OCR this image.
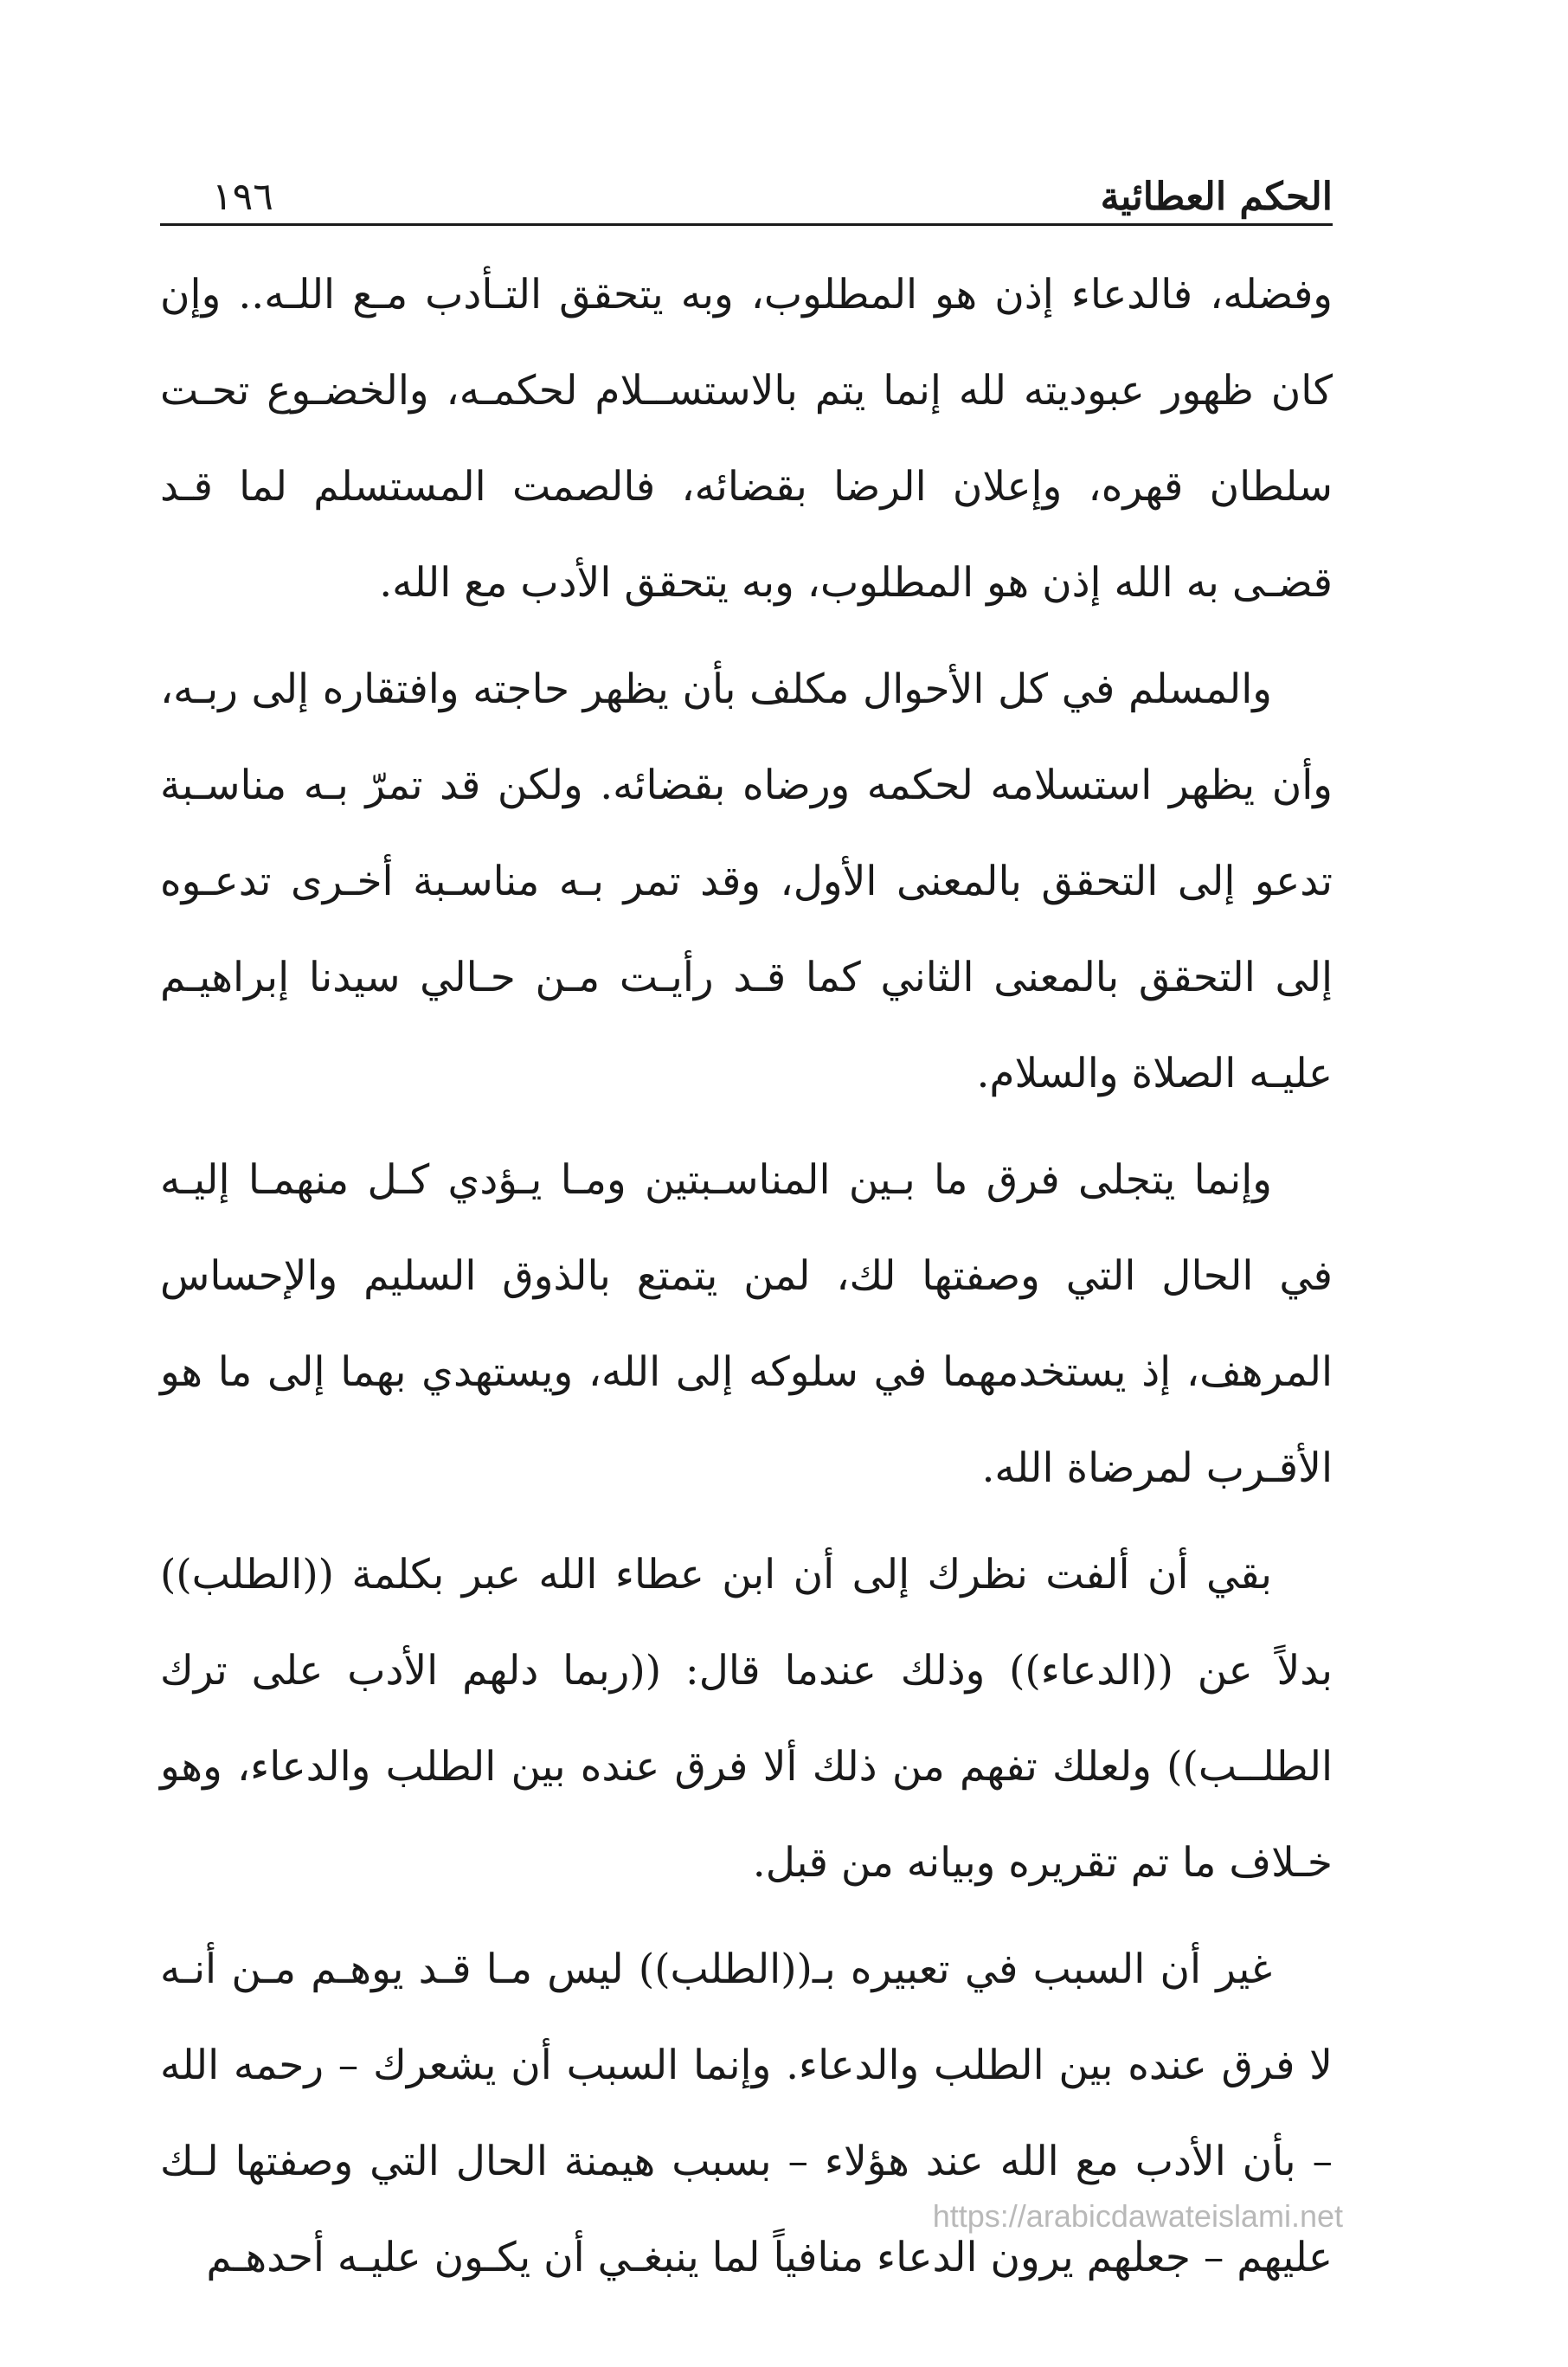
١٩٦	الحكم العطائية

وفضله، فالدعاء إذن هو المطلوب، وبه يتحقق التـأدب مـع اللـه.. وإن كان ظهور عبوديته لله إنما يتم بالاستســلام لحكمـه، والخضـوع تحـت سلطان قهره، وإعلان الرضا بقضائه، فالصمت المستسلم لما قـد قضـى به الله إذن هو المطلوب، وبه يتحقق الأدب مع الله.

والمسلم في كل الأحوال مكلف بأن يظهر حاجته وافتقاره إلى ربـه، وأن يظهر استسلامه لحكمه ورضاه بقضائه. ولكن قد تمرّ بـه مناسـبة تدعو إلى التحقق بالمعنى الأول، وقد تمر بـه مناسـبة أخـرى تدعـوه إلى التحقق بالمعنى الثاني كما قـد رأيـت مـن حـالي سيدنا إبراهيـم عليـه الصلاة والسلام.

وإنما يتجلى فرق ما بـين المناسـبتين ومـا يـؤدي كـل منهمـا إليـه في الحال التي وصفتها لك، لمن يتمتع بالذوق السليم والإحساس المرهف، إذ يستخدمهما في سلوكه إلى الله، ويستهدي بهما إلى ما هو الأقـرب لمرضاة الله.

بقي أن ألفت نظرك إلى أن ابن عطاء الله عبر بكلمة ((الطلب)) بدلاً عن ((الدعاء)) وذلك عندما قال: ((ربما دلهم الأدب على ترك الطلــب)) ولعلك تفهم من ذلك ألا فرق عنده بين الطلب والدعاء، وهو خـلاف ما تم تقريره وبيانه من قبل.

غير أن السبب في تعبيره بـ((الطلب)) ليس مـا قـد يوهـم مـن أنـه لا فرق عنده بين الطلب والدعاء. وإنما السبب أن يشعرك – رحمه الله – بأن الأدب مع الله عند هؤلاء – بسبب هيمنة الحال التي وصفتها لـك عليهم – جعلهم يرون الدعاء منافياً لما ينبغـي أن يكـون عليـه أحدهـم

https://arabicdawateislami.net
